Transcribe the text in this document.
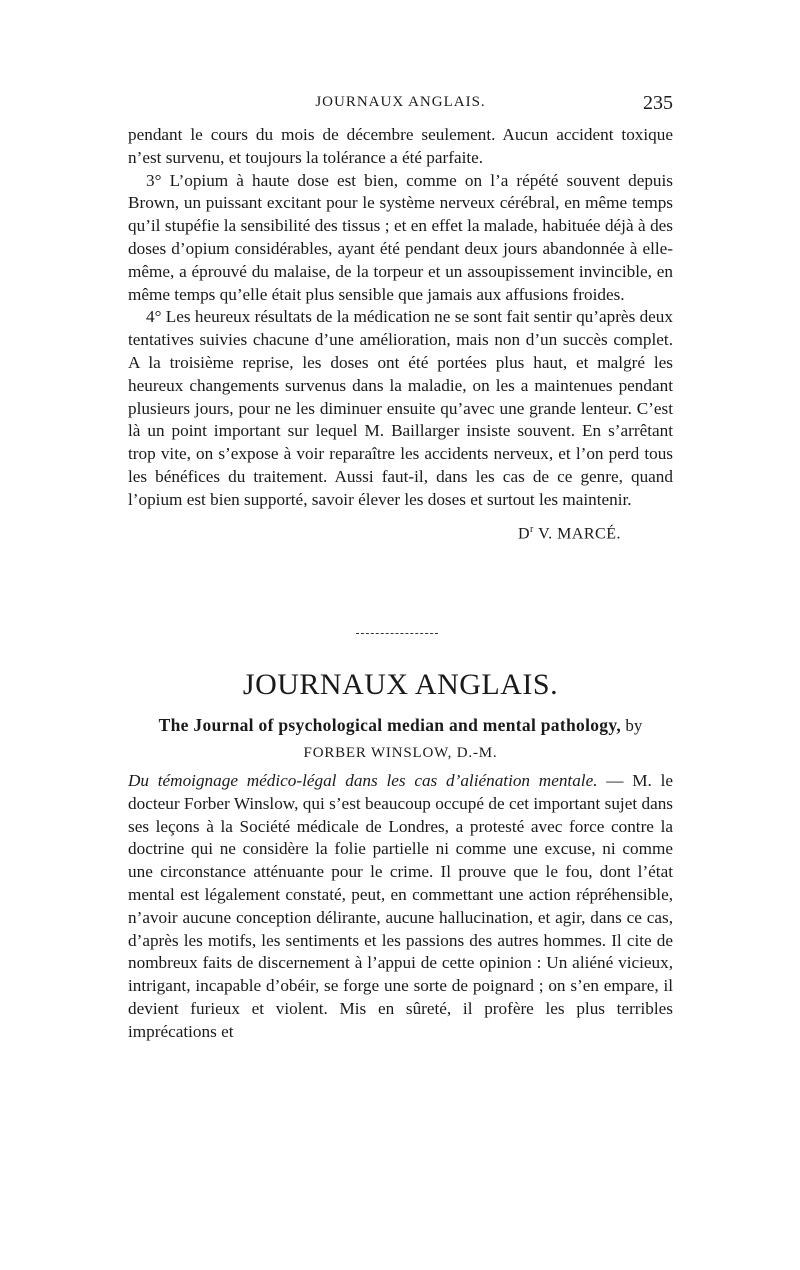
JOURNAUX ANGLAIS.	235

pendant le cours du mois de décembre seulement. Aucun accident toxique n’est survenu, et toujours la tolérance a été parfaite.

3° L’opium à haute dose est bien, comme on l’a répété souvent depuis Brown, un puissant excitant pour le système nerveux cérébral, en même temps qu’il stupéfie la sensibilité des tissus ; et en effet la malade, habituée déjà à des doses d’opium considérables, ayant été pendant deux jours abandonnée à elle-même, a éprouvé du malaise, de la torpeur et un assoupissement invincible, en même temps qu’elle était plus sensible que jamais aux affusions froides.

4° Les heureux résultats de la médication ne se sont fait sentir qu’après deux tentatives suivies chacune d’une amélioration, mais non d’un succès complet. A la troisième reprise, les doses ont été portées plus haut, et malgré les heureux changements survenus dans la maladie, on les a maintenues pendant plusieurs jours, pour ne les diminuer ensuite qu’avec une grande lenteur. C’est là un point important sur lequel M. Baillarger insiste souvent. En s’arrêtant trop vite, on s’expose à voir reparaître les accidents nerveux, et l’on perd tous les bénéfices du traitement. Aussi faut-il, dans les cas de ce genre, quand l’opium est bien supporté, savoir élever les doses et surtout les maintenir.

$D^r$ V. MARCÉ.
JOURNAUX ANGLAIS.
The Journal of psychological median and mental pathology, by FORBER WINSLOW, D.-M.

Du témoignage médico-légal dans les cas d’aliénation mentale. — M. le docteur Forber Winslow, qui s’est beaucoup occupé de cet important sujet dans ses leçons à la Société médicale de Londres, a protesté avec force contre la doctrine qui ne considère la folie partielle ni comme une excuse, ni comme une circonstance atténuante pour le crime. Il prouve que le fou, dont l’état mental est légalement constaté, peut, en commettant une action répréhensible, n’avoir aucune conception délirante, aucune hallucination, et agir, dans ce cas, d’après les motifs, les sentiments et les passions des autres hommes. Il cite de nombreux faits de discernement à l’appui de cette opinion : Un aliéné vicieux, intrigant, incapable d’obéir, se forge une sorte de poignard ; on s’en empare, il devient furieux et violent. Mis en sûreté, il profère les plus terribles imprécations et
